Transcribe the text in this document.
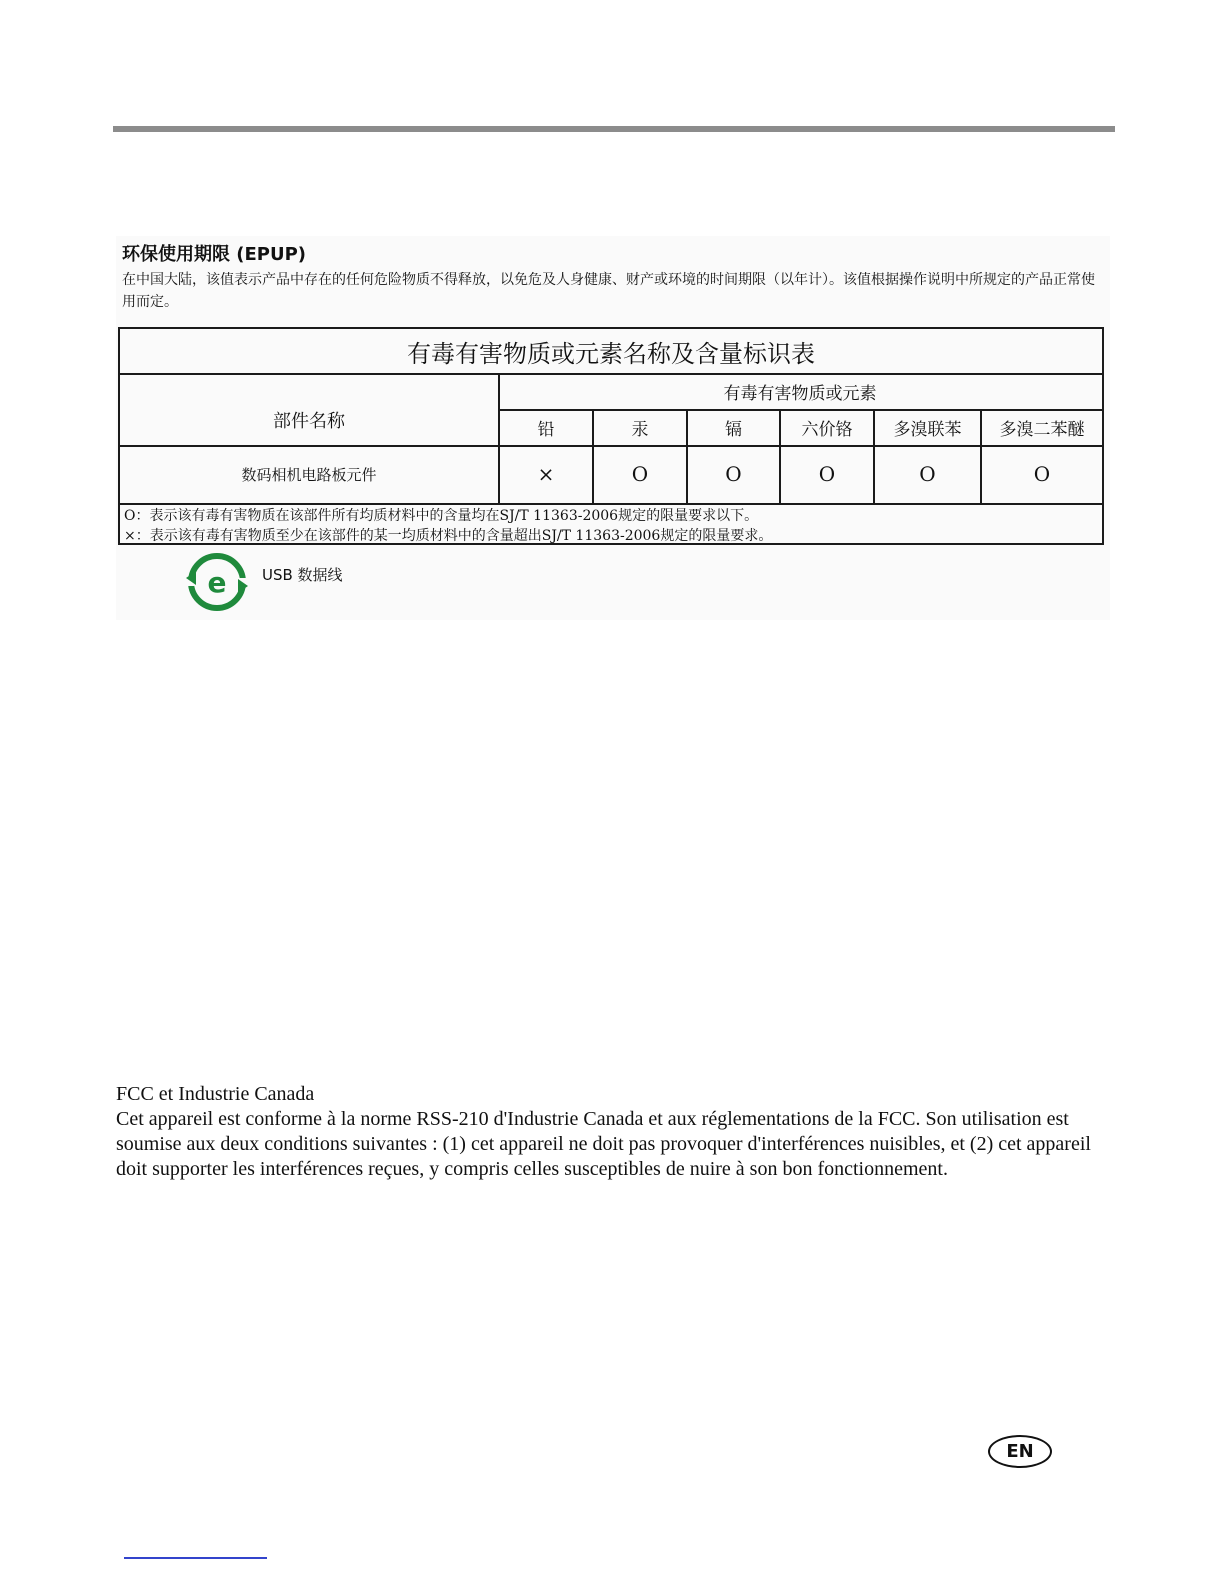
环保使用期限 (EPUP)
在中国大陆，该值表示产品中存在的任何危险物质不得释放，以免危及人身健康、财产或环境的时间期限（以年计）。该值根据操作说明中所规定的产品正常使用而定。
有毒有害物质或元素名称及含量标识表
有毒有害物质或元素
部件名称	铅	汞	镉	六价铬	多溴联苯	多溴二苯醚
数码相机电路板元件	×	O	O	O	O	O
O：表示该有毒有害物质在该部件所有均质材料中的含量均在SJ/T 11363-2006规定的限量要求以下。
×：表示该有毒有害物质至少在该部件的某一均质材料中的含量超出SJ/T 11363-2006规定的限量要求。
e USB 数据线

FCC et Industrie Canada

Cet appareil est conforme à la norme RSS-210 d'Industrie Canada et aux réglementations de la FCC. Son utilisation est soumise aux deux conditions suivantes : (1) cet appareil ne doit pas provoquer d'interférences nuisibles, et (2) cet appareil doit supporter les interférences reçues, y compris celles susceptibles de nuire à son bon fonctionnement.

EN
